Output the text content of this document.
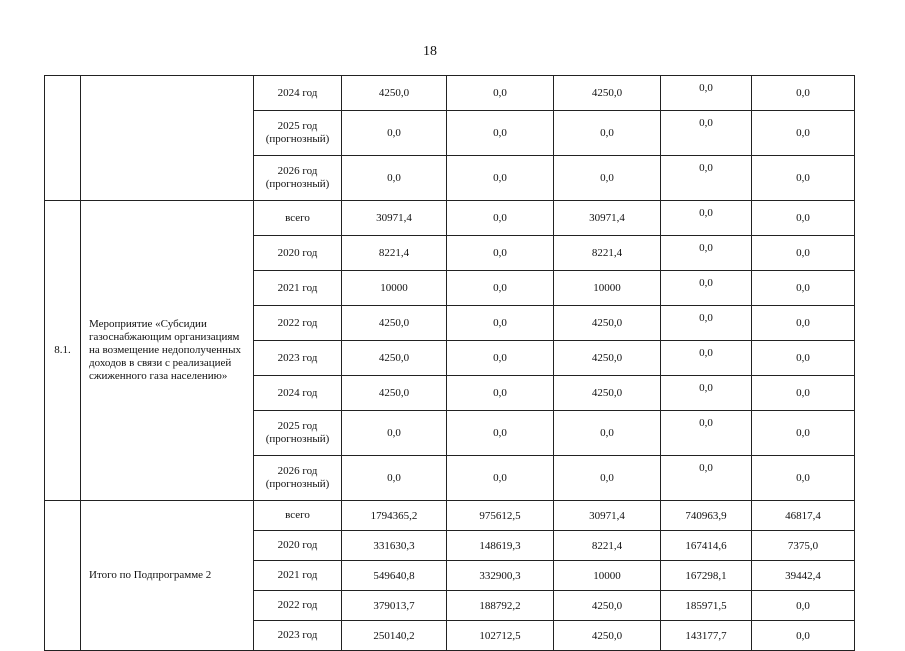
18
		2024 год	4250,0	0,0	4250,0	0,0	0,0
		2025 год (прогнозный)	0,0	0,0	0,0	0,0	0,0
		2026 год (прогнозный)	0,0	0,0	0,0	0,0	0,0
8.1.	Мероприятие «Субсидии газоснабжающим организациям на возмещение недополученных доходов в связи с реализацией сжиженного газа населению»	всего	30971,4	0,0	30971,4	0,0	0,0
		2020 год	8221,4	0,0	8221,4	0,0	0,0
		2021 год	10000	0,0	10000	0,0	0,0
		2022 год	4250,0	0,0	4250,0	0,0	0,0
		2023 год	4250,0	0,0	4250,0	0,0	0,0
		2024 год	4250,0	0,0	4250,0	0,0	0,0
		2025 год (прогнозный)	0,0	0,0	0,0	0,0	0,0
		2026 год (прогнозный)	0,0	0,0	0,0	0,0	0,0
	Итого по Подпрограмме 2	всего	1794365,2	975612,5	30971,4	740963,9	46817,4
		2020 год	331630,3	148619,3	8221,4	167414,6	7375,0
		2021 год	549640,8	332900,3	10000	167298,1	39442,4
		2022 год	379013,7	188792,2	4250,0	185971,5	0,0
		2023 год	250140,2	102712,5	4250,0	143177,7	0,0
